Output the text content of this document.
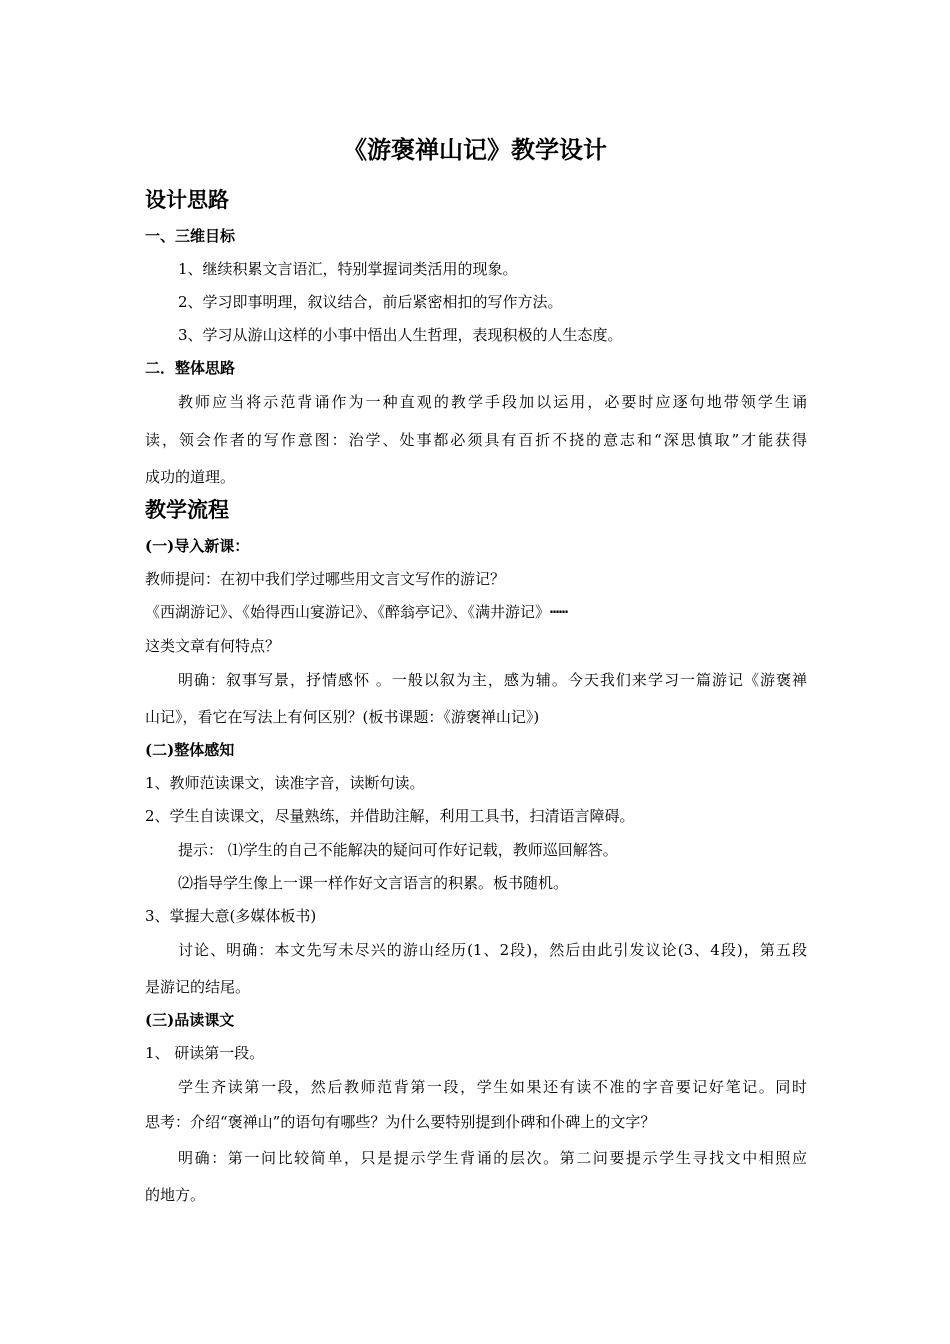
《游褒禅山记》教学设计
设计思路
一、三维目标
1、继续积累文言语汇，特别掌握词类活用的现象。
2、学习即事明理，叙议结合，前后紧密相扣的写作方法。
3、学习从游山这样的小事中悟出人生哲理，表现积极的人生态度。
二．整体思路
教师应当将示范背诵作为一种直观的教学手段加以运用，必要时应逐句地带领学生诵
读，领会作者的写作意图：治学、处事都必须具有百折不挠的意志和“深思慎取”才能获得
成功的道理。
教学流程
(一)导入新课：
教师提问：在初中我们学过哪些用文言文写作的游记？
《西湖游记》、《始得西山宴游记》、《醉翁亭记》、《满井游记》┅┅
这类文章有何特点？
明确：叙事写景，抒情感怀 。一般以叙为主，感为辅。今天我们来学习一篇游记《游褒禅
山记》，看它在写法上有何区别？(板书课题：《游褒禅山记》)
(二)整体感知
1、教师范读课文，读准字音，读断句读。
2、学生自读课文，尽量熟练，并借助注解，利用工具书，扫清语言障碍。
提示： ⑴学生的自己不能解决的疑问可作好记载，教师巡回解答。
⑵指导学生像上一课一样作好文言语言的积累。板书随机。
3、掌握大意(多媒体板书)
讨论、明确：本文先写未尽兴的游山经历(1、2段)，然后由此引发议论(3、4段)，第五段
是游记的结尾。
(三)品读课文
1、 研读第一段。
学生齐读第一段，然后教师范背第一段，学生如果还有读不准的字音要记好笔记。同时
思考：介绍“褒禅山”的语句有哪些？为什么要特别提到仆碑和仆碑上的文字？
明确：第一问比较简单，只是提示学生背诵的层次。第二问要提示学生寻找文中相照应
的地方。
